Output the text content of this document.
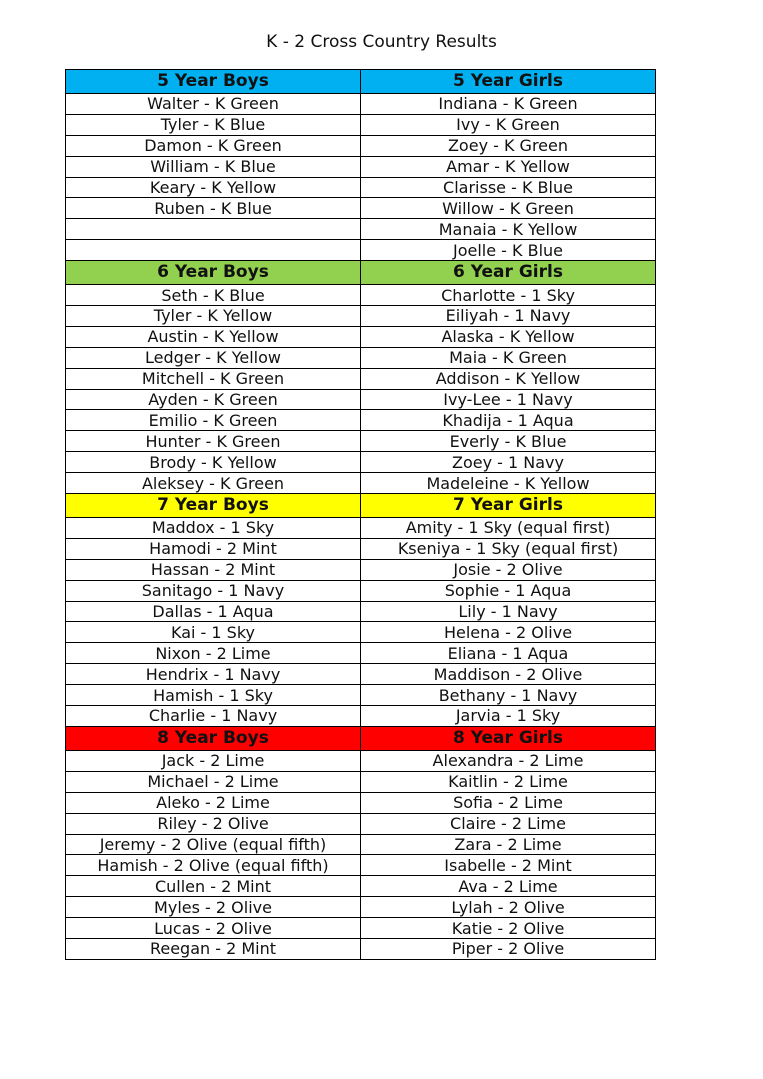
K - 2 Cross Country Results
5 Year Boys	5 Year Girls
Walter - K Green	Indiana - K Green
Tyler - K Blue	Ivy - K Green
Damon - K Green	Zoey - K Green
William - K Blue	Amar - K Yellow
Keary - K Yellow	Clarisse - K Blue
Ruben - K Blue	Willow - K Green
	Manaia - K Yellow
	Joelle - K Blue
6 Year Boys	6 Year Girls
Seth - K Blue	Charlotte - 1 Sky
Tyler - K Yellow	Eiliyah - 1 Navy
Austin - K Yellow	Alaska - K Yellow
Ledger - K Yellow	Maia - K Green
Mitchell - K Green	Addison - K Yellow
Ayden - K Green	Ivy-Lee - 1 Navy
Emilio - K Green	Khadija - 1 Aqua
Hunter - K Green	Everly - K Blue
Brody - K Yellow	Zoey - 1 Navy
Aleksey - K Green	Madeleine - K Yellow
7 Year Boys	7 Year Girls
Maddox - 1 Sky	Amity - 1 Sky (equal first)
Hamodi - 2 Mint	Kseniya - 1 Sky (equal first)
Hassan - 2 Mint	Josie - 2 Olive
Sanitago - 1 Navy	Sophie - 1 Aqua
Dallas - 1 Aqua	Lily - 1 Navy
Kai - 1 Sky	Helena - 2 Olive
Nixon - 2 Lime	Eliana - 1 Aqua
Hendrix - 1 Navy	Maddison - 2 Olive
Hamish - 1 Sky	Bethany - 1 Navy
Charlie - 1 Navy	Jarvia - 1 Sky
8 Year Boys	8 Year Girls
Jack - 2 Lime	Alexandra - 2 Lime
Michael - 2 Lime	Kaitlin - 2 Lime
Aleko - 2 Lime	Sofia - 2 Lime
Riley - 2 Olive	Claire - 2 Lime
Jeremy - 2 Olive (equal fifth)	Zara - 2 Lime
Hamish - 2 Olive (equal fifth)	Isabelle - 2 Mint
Cullen - 2 Mint	Ava - 2 Lime
Myles - 2 Olive	Lylah - 2 Olive
Lucas - 2 Olive	Katie - 2 Olive
Reegan - 2 Mint	Piper - 2 Olive
